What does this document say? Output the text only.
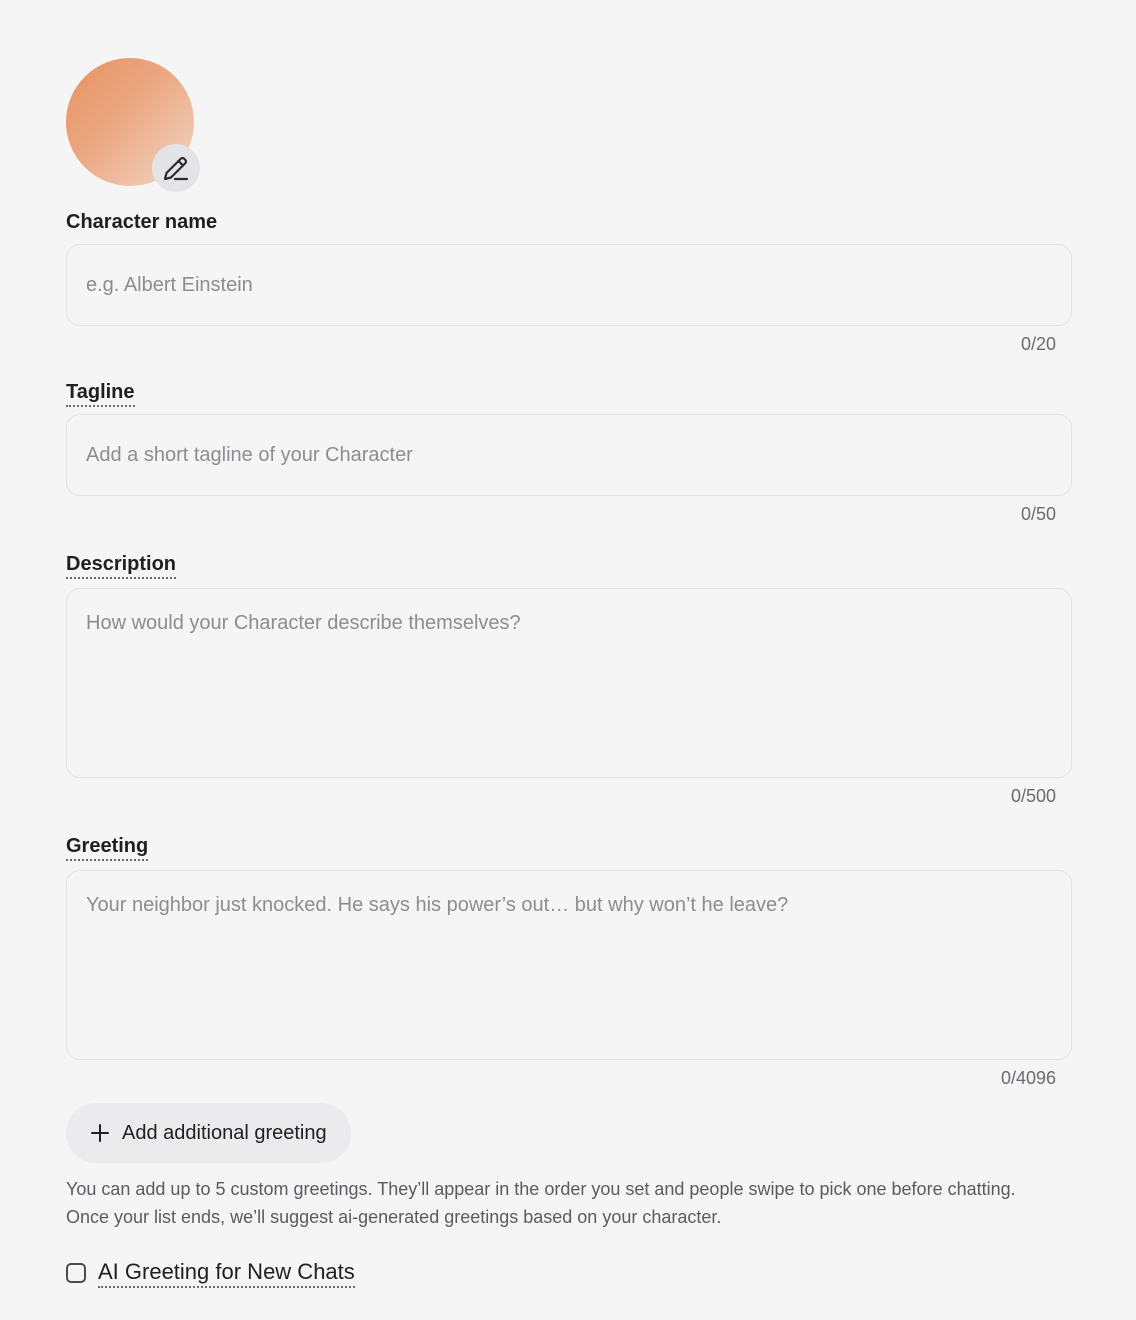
Character name
e.g. Albert Einstein
0/20
Tagline
Add a short tagline of your Character
0/50
Description
How would your Character describe themselves?
0/500
Greeting
Your neighbor just knocked. He says his power’s out… but why won’t he leave?
0/4096
Add additional greeting
You can add up to 5 custom greetings. They’ll appear in the order you set and people swipe to pick one before chatting. Once your list ends, we’ll suggest ai-generated greetings based on your character.
AI Greeting for New Chats
